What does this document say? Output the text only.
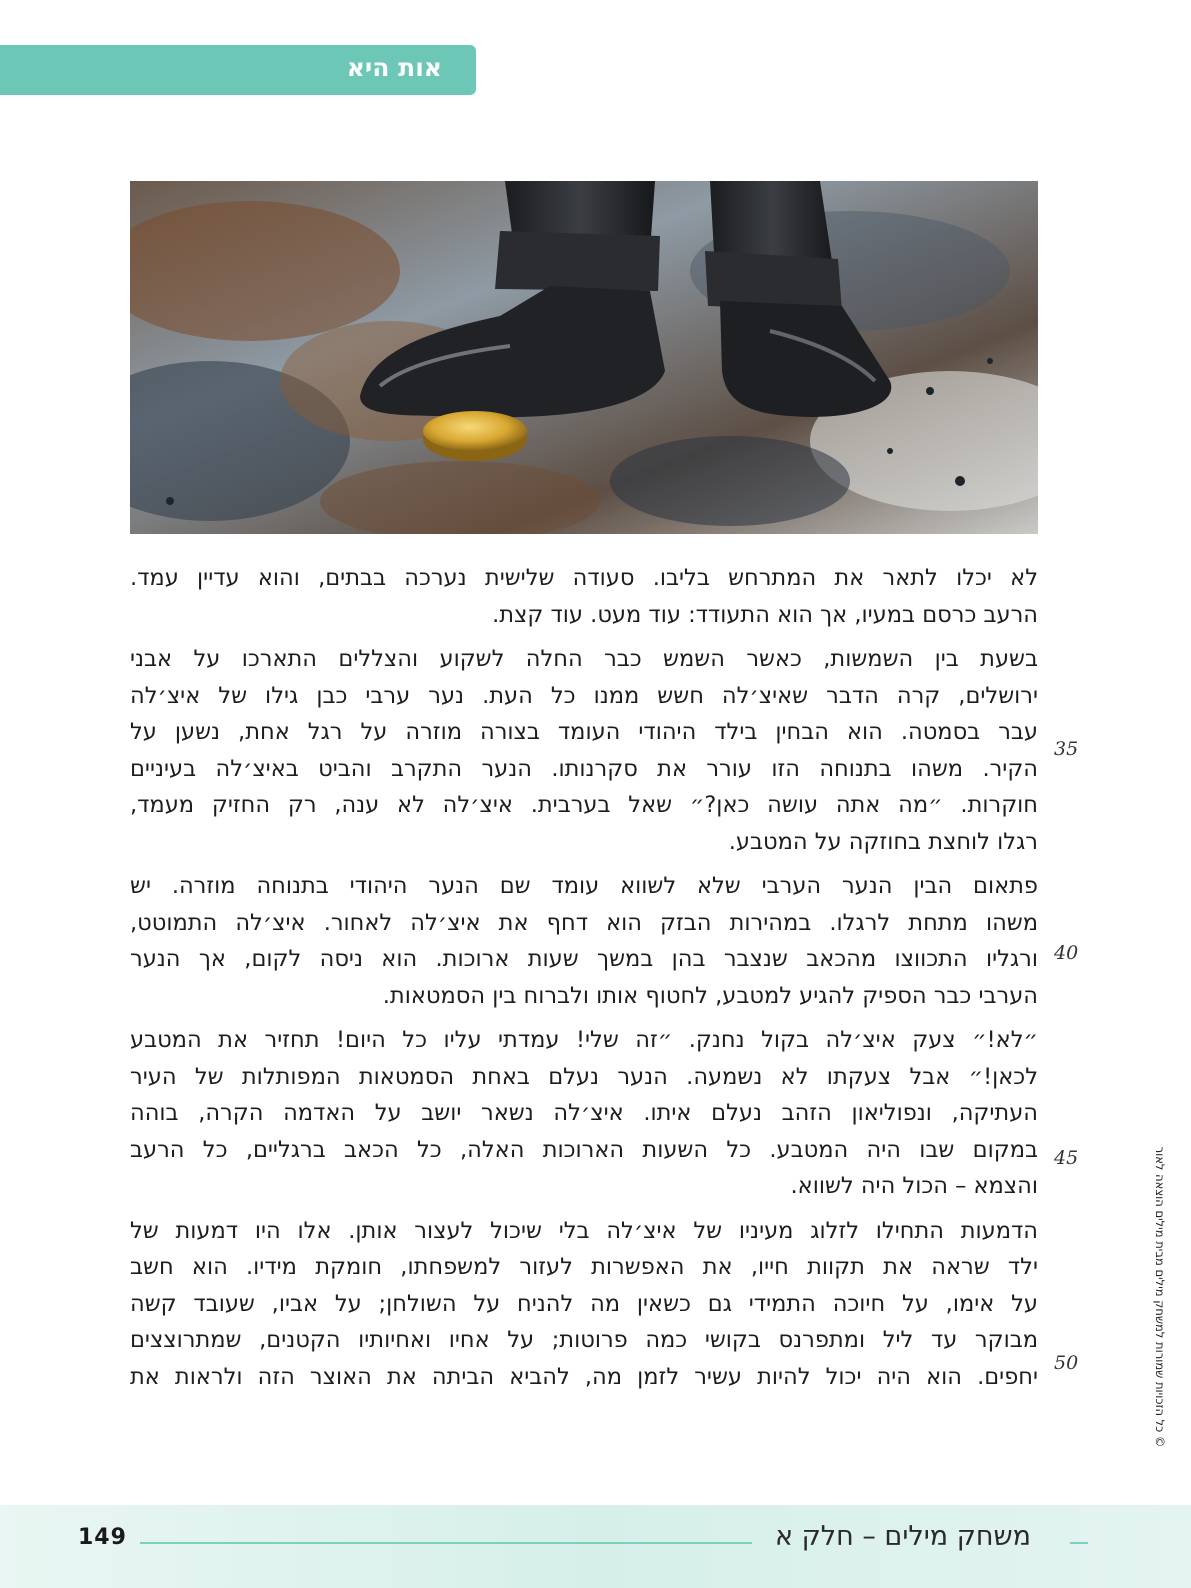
אות היא

לא יכלו לתאר את המתרחש בליבו. סעודה שלישית נערכה בבתים, והוא עדיין עמד.
הרעב כרסם במעיו, אך הוא התעודד: עוד מעט. עוד קצת.

בשעת בין השמשות, כאשר השמש כבר החלה לשקוע והצללים התארכו על אבני
ירושלים, קרה הדבר שאיצ׳לה חשש ממנו כל העת. נער ערבי כבן גילו של איצ׳לה
עבר בסמטה. הוא הבחין בילד היהודי העומד בצורה מוזרה על רגל אחת, נשען על
הקיר. משהו בתנוחה הזו עורר את סקרנותו. הנער התקרב והביט באיצ׳לה בעיניים
חוקרות. ״מה אתה עושה כאן?״ שאל בערבית. איצ׳לה לא ענה, רק החזיק מעמד,
רגלו לוחצת בחוזקה על המטבע.

פתאום הבין הנער הערבי שלא לשווא עומד שם הנער היהודי בתנוחה מוזרה. יש
משהו מתחת לרגלו. במהירות הבזק הוא דחף את איצ׳לה לאחור. איצ׳לה התמוטט,
ורגליו התכווצו מהכאב שנצבר בהן במשך שעות ארוכות. הוא ניסה לקום, אך הנער
הערבי כבר הספיק להגיע למטבע, לחטוף אותו ולברוח בין הסמטאות.

״לא!״ צעק איצ׳לה בקול נחנק. ״זה שלי! עמדתי עליו כל היום! תחזיר את המטבע
לכאן!״ אבל צעקתו לא נשמעה. הנער נעלם באחת הסמטאות המפותלות של העיר
העתיקה, ונפוליאון הזהב נעלם איתו. איצ׳לה נשאר יושב על האדמה הקרה, בוהה
במקום שבו היה המטבע. כל השעות הארוכות האלה, כל הכאב ברגליים, כל הרעב
והצמא – הכול היה לשווא.

הדמעות התחילו לזלוג מעיניו של איצ׳לה בלי שיכול לעצור אותן. אלו היו דמעות של
ילד שראה את תקוות חייו, את האפשרות לעזור למשפחתו, חומקת מידיו. הוא חשב
על אימו, על חיוכה התמידי גם כשאין מה להניח על השולחן; על אביו, שעובד קשה
מבוקר עד ליל ומתפרנס בקושי כמה פרוטות; על אחיו ואחיותיו הקטנים, שמתרוצצים
יחפים. הוא היה יכול להיות עשיר לזמן מה, להביא הביתה את האוצר הזה ולראות את

35
40
45
50	© כל הזכויות שמורות למשחק מילים מבית מילים הוצאה לאור
149	משחק מילים – חלק א
